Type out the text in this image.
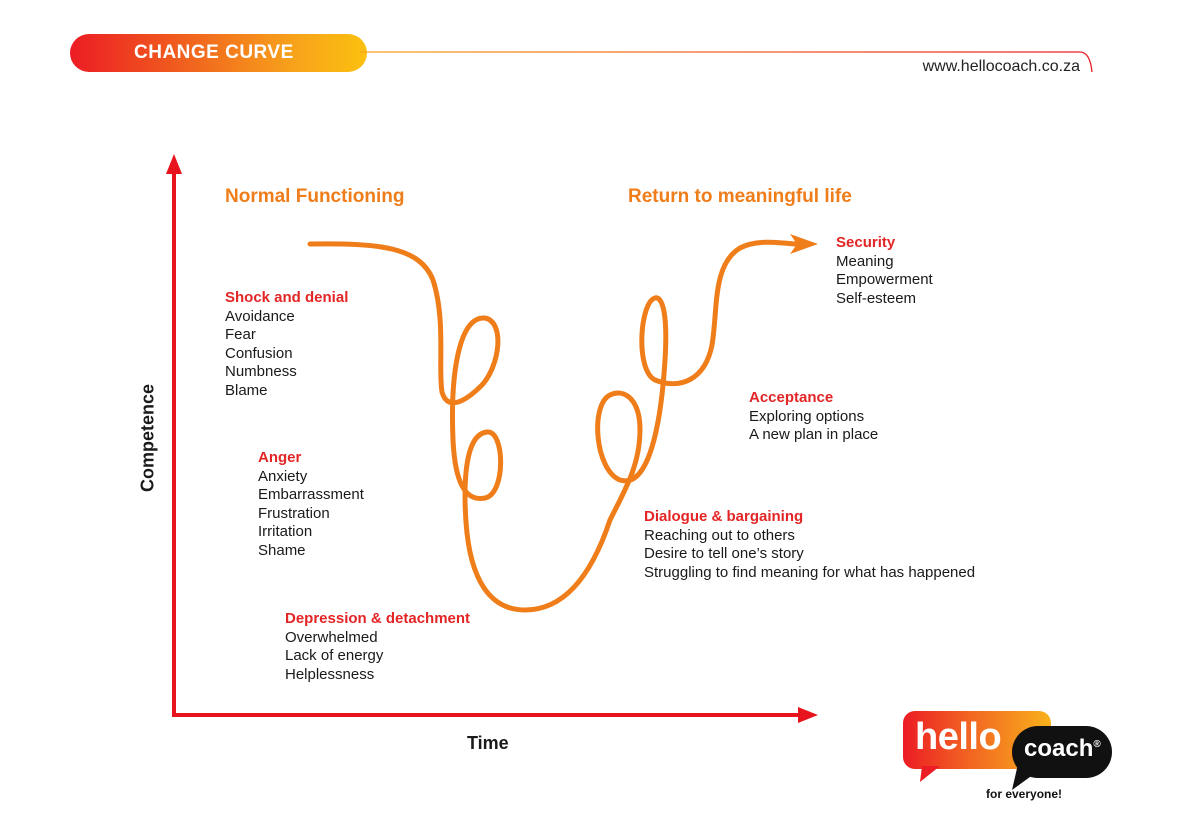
CHANGE CURVE
www.hellocoach.co.za
Competence
Time
Normal Functioning	Return to meaningful life
Shock and denial
Avoidance
Fear
Confusion
Numbness
Blame
Anger
Anxiety
Embarrassment
Frustration
Irritation
Shame
Depression & detachment
Overwhelmed
Lack of energy
Helplessness
Dialogue & bargaining
Reaching out to others
Desire to tell one’s story
Struggling to find meaning for what has happened
Acceptance
Exploring options
A new plan in place
Security
Meaning
Empowerment
Self-esteem
hello coach®
for everyone!
